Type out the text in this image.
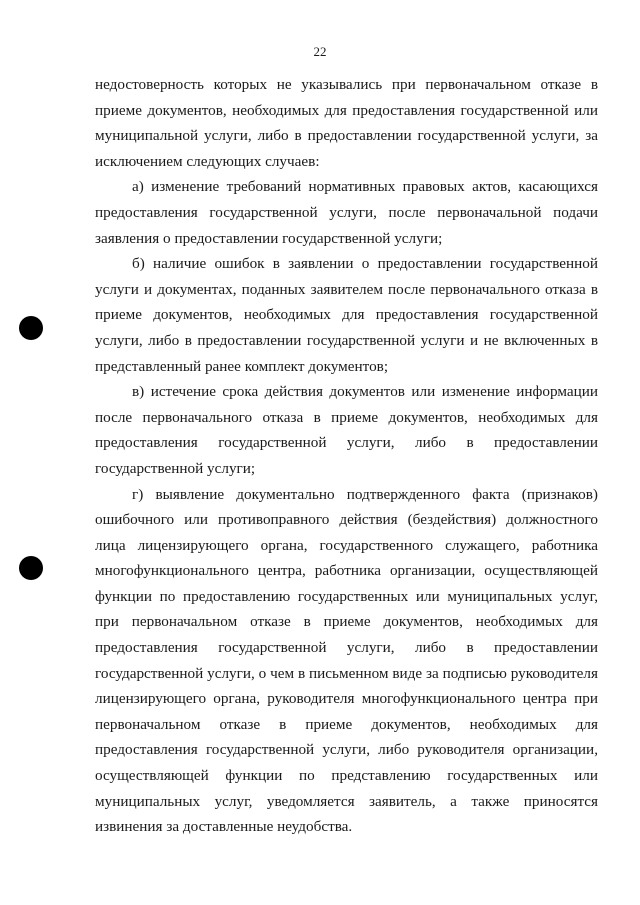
22

недостоверность которых не указывались при первоначальном отказе в приеме документов, необходимых для предоставления государственной или муниципальной услуги, либо в предоставлении государственной услуги, за исключением следующих случаев:

а) изменение требований нормативных правовых актов, касающихся предоставления государственной услуги, после первоначальной подачи заявления о предоставлении государственной услуги;

б) наличие ошибок в заявлении о предоставлении государственной услуги и документах, поданных заявителем после первоначального отказа в приеме документов, необходимых для предоставления государственной услуги, либо в предоставлении государственной услуги и не включенных в представленный ранее комплект документов;

в) истечение срока действия документов или изменение информации после первоначального отказа в приеме документов, необходимых для предоставления государственной услуги, либо в предоставлении государственной услуги;

г) выявление документально подтвержденного факта (признаков) ошибочного или противоправного действия (бездействия) должностного лица лицензирующего органа, государственного служащего, работника многофункционального центра, работника организации, осуществляющей функции по предоставлению государственных или муниципальных услуг, при первоначальном отказе в приеме документов, необходимых для предоставления государственной услуги, либо в предоставлении государственной услуги, о чем в письменном виде за подписью руководителя лицензирующего органа, руководителя многофункционального центра при первоначальном отказе в приеме документов, необходимых для предоставления государственной услуги, либо руководителя организации, осуществляющей функции по представлению государственных или муниципальных услуг, уведомляется заявитель, а также приносятся извинения за доставленные неудобства.
